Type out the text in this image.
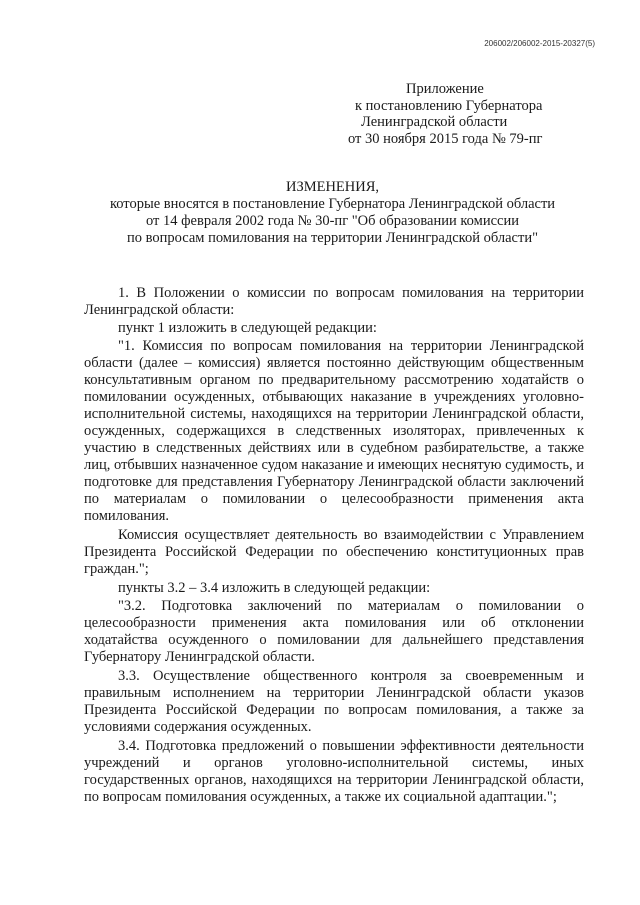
206002/206002-2015-20327(5)
Приложение
к постановлению Губернатора
Ленинградской области
от 30 ноября 2015 года № 79-пг
ИЗМЕНЕНИЯ,
которые вносятся в постановление Губернатора Ленинградской области
от 14 февраля 2002 года № 30-пг "Об образовании комиссии
по вопросам помилования на территории Ленинградской области"

1. В Положении о комиссии по вопросам помилования на территории Ленинградской области:

пункт 1 изложить в следующей редакции:

"1. Комиссия по вопросам помилования на территории Ленинградской области (далее – комиссия) является постоянно действующим общественным консультативным органом по предварительному рассмотрению ходатайств о помиловании осужденных, отбывающих наказание в учреждениях уголовно-исполнительной системы, находящихся на территории Ленинградской области, осужденных, содержащихся в следственных изоляторах, привлеченных к участию в следственных действиях или в судебном разбирательстве, а также лиц, отбывших назначенное судом наказание и имеющих неснятую судимость, и подготовке для представления Губернатору Ленинградской области заключений по материалам о помиловании о целесообразности применения акта помилования.

Комиссия осуществляет деятельность во взаимодействии с Управлением Президента Российской Федерации по обеспечению конституционных прав граждан.";

пункты 3.2 – 3.4 изложить в следующей редакции:

"3.2. Подготовка заключений по материалам о помиловании о целесообразности применения акта помилования или об отклонении ходатайства осужденного о помиловании для дальнейшего представления Губернатору Ленинградской области.

3.3. Осуществление общественного контроля за своевременным и правильным исполнением на территории Ленинградской области указов Президента Российской Федерации по вопросам помилования, а также за условиями содержания осужденных.

3.4. Подготовка предложений о повышении эффективности деятельности учреждений и органов уголовно-исполнительной системы, иных государственных органов, находящихся на территории Ленинградской области, по вопросам помилования осужденных, а также их социальной адаптации.";
